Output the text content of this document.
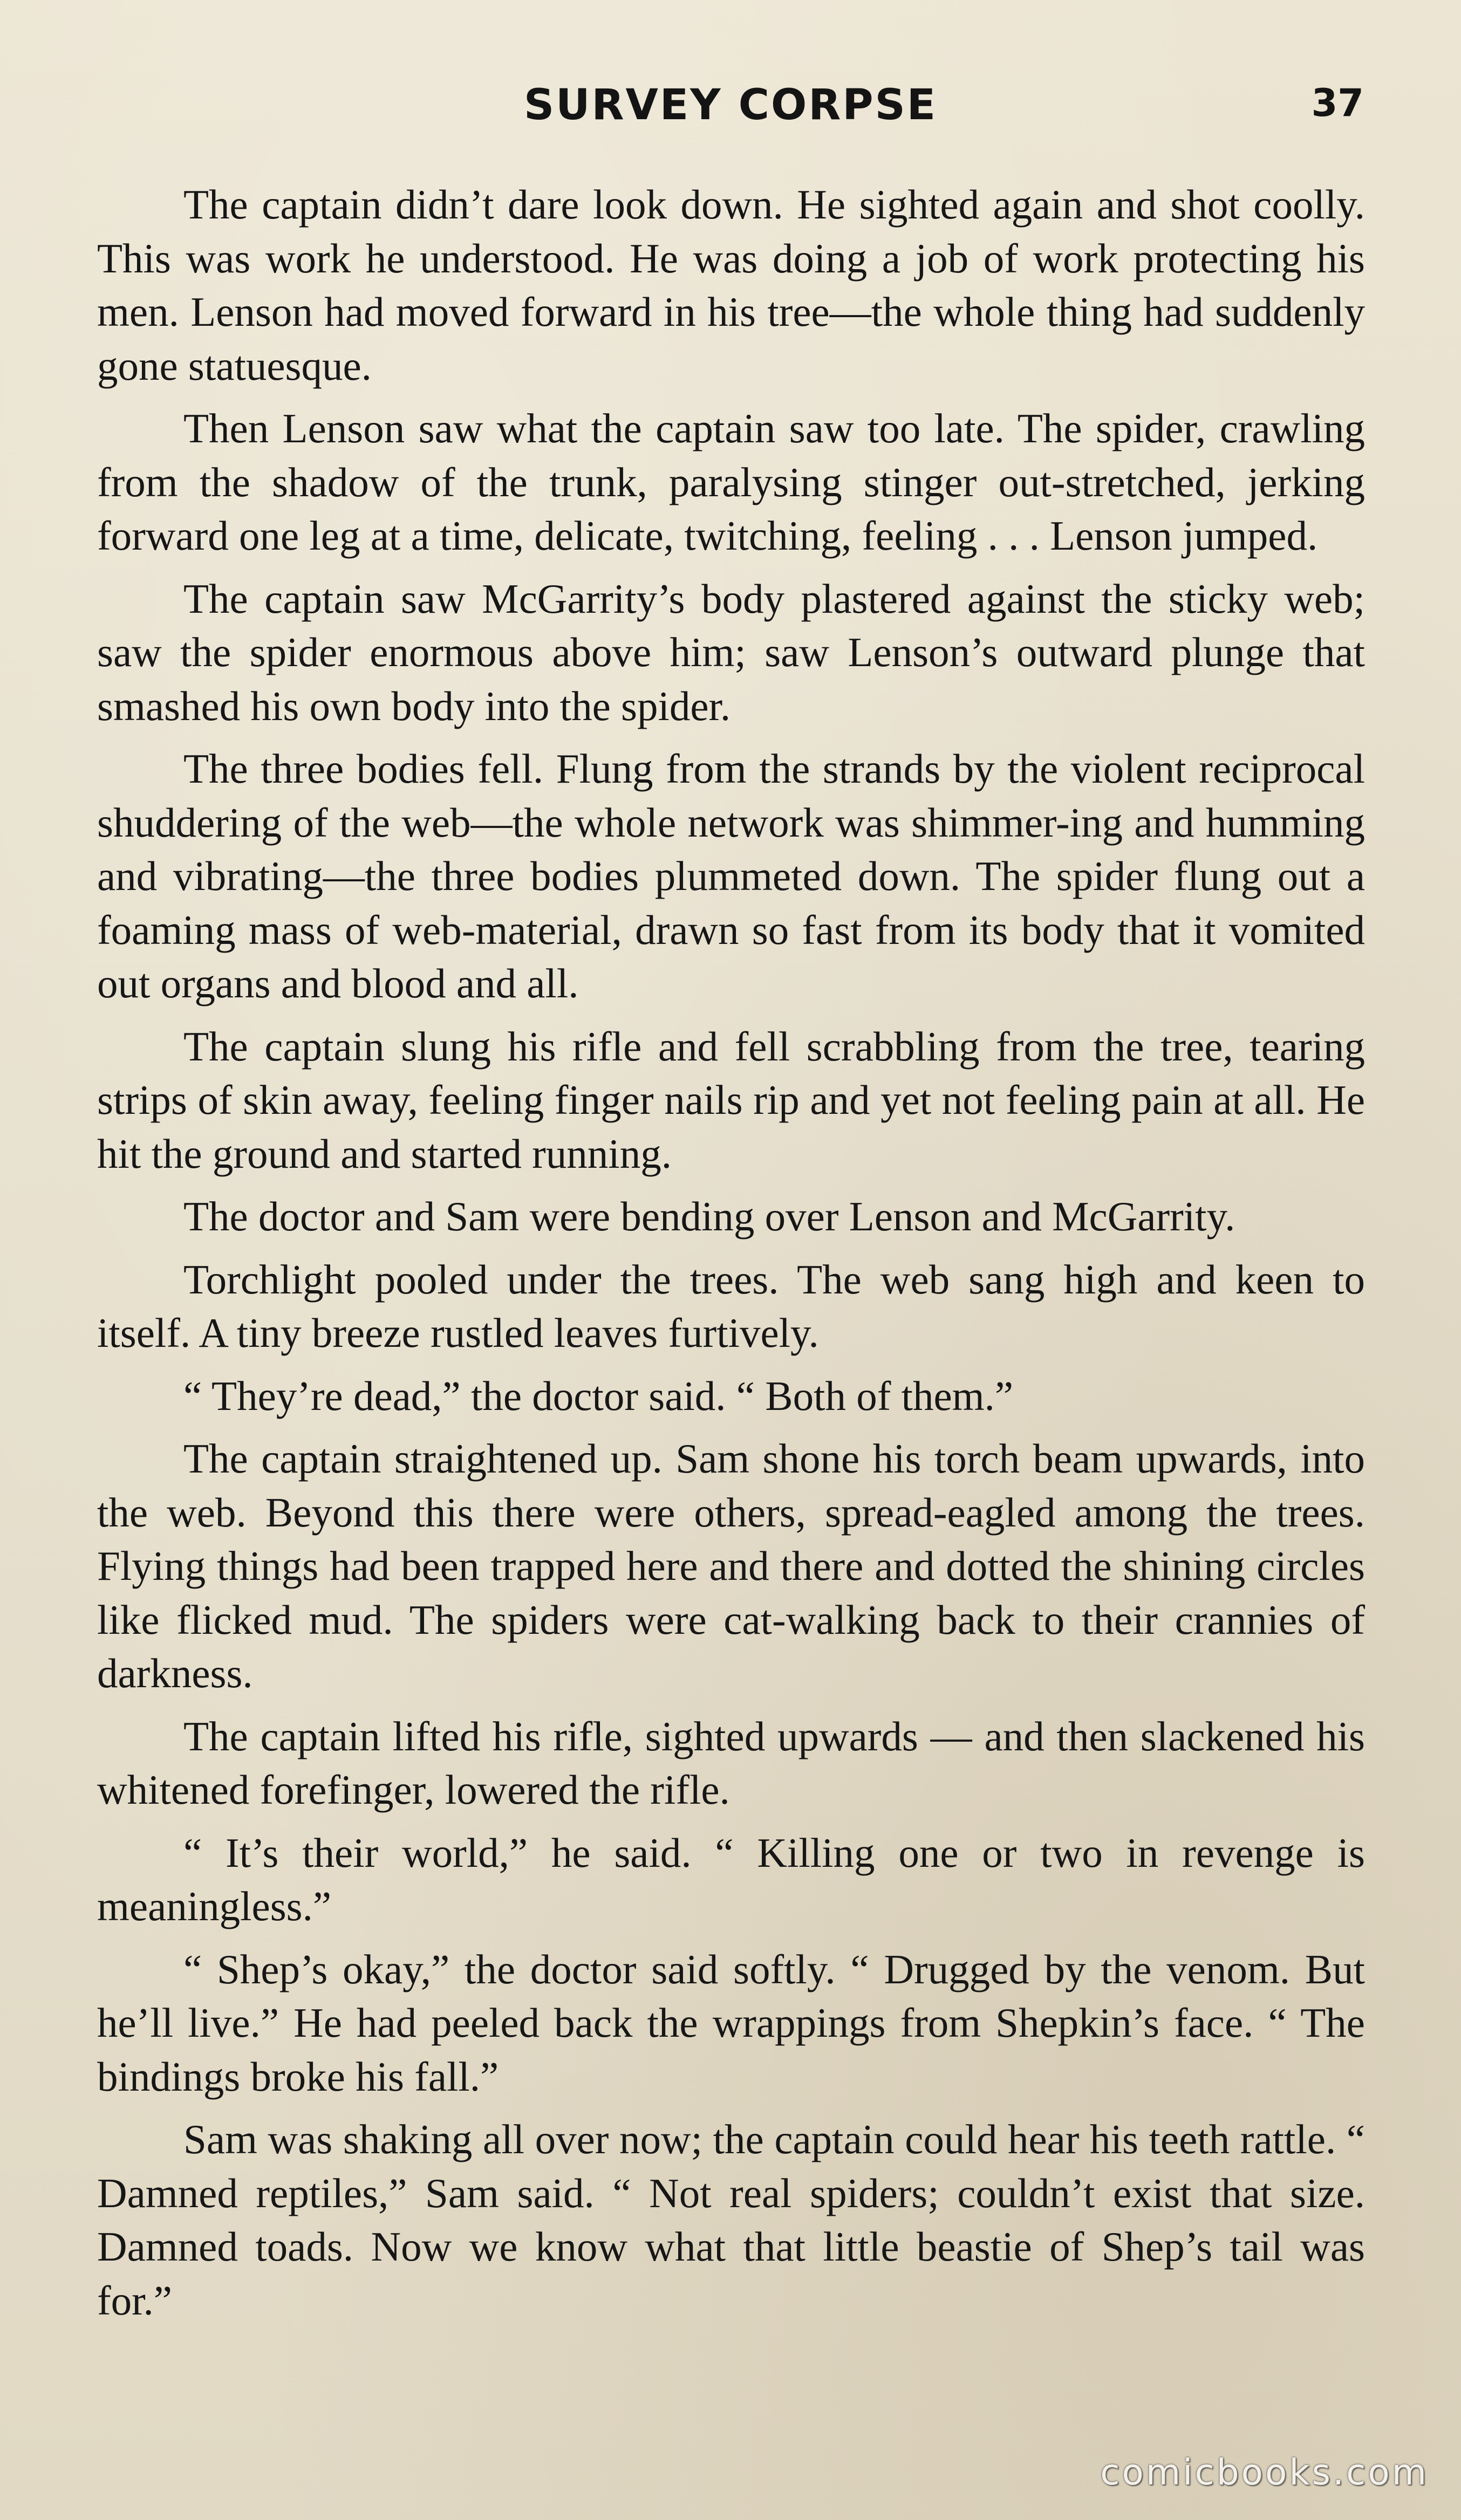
SURVEY CORPSE	37

The captain didn’t dare look down. He sighted again and shot coolly. This was work he understood. He was doing a job of work protecting his men. Lenson had moved forward in his tree—the whole thing had suddenly gone statuesque.

Then Lenson saw what the captain saw too late. The spider, crawling from the shadow of the trunk, paralysing stinger out-stretched, jerking forward one leg at a time, delicate, twitching, feeling . . . Lenson jumped.

The captain saw McGarrity’s body plastered against the sticky web; saw the spider enormous above him; saw Lenson’s outward plunge that smashed his own body into the spider.

The three bodies fell. Flung from the strands by the violent reciprocal shuddering of the web—the whole network was shimmer-ing and humming and vibrating—the three bodies plummeted down. The spider flung out a foaming mass of web-material, drawn so fast from its body that it vomited out organs and blood and all.

The captain slung his rifle and fell scrabbling from the tree, tearing strips of skin away, feeling finger nails rip and yet not feeling pain at all. He hit the ground and started running.

The doctor and Sam were bending over Lenson and McGarrity.

Torchlight pooled under the trees. The web sang high and keen to itself. A tiny breeze rustled leaves furtively.

“ They’re dead,” the doctor said. “ Both of them.”

The captain straightened up. Sam shone his torch beam upwards, into the web. Beyond this there were others, spread-eagled among the trees. Flying things had been trapped here and there and dotted the shining circles like flicked mud. The spiders were cat-walking back to their crannies of darkness.

The captain lifted his rifle, sighted upwards — and then slackened his whitened forefinger, lowered the rifle.

“ It’s their world,” he said. “ Killing one or two in revenge is meaningless.”

“ Shep’s okay,” the doctor said softly. “ Drugged by the venom. But he’ll live.” He had peeled back the wrappings from Shepkin’s face. “ The bindings broke his fall.”

Sam was shaking all over now; the captain could hear his teeth rattle. “ Damned reptiles,” Sam said. “ Not real spiders; couldn’t exist that size. Damned toads. Now we know what that little beastie of Shep’s tail was for.”

comicbooks.com
